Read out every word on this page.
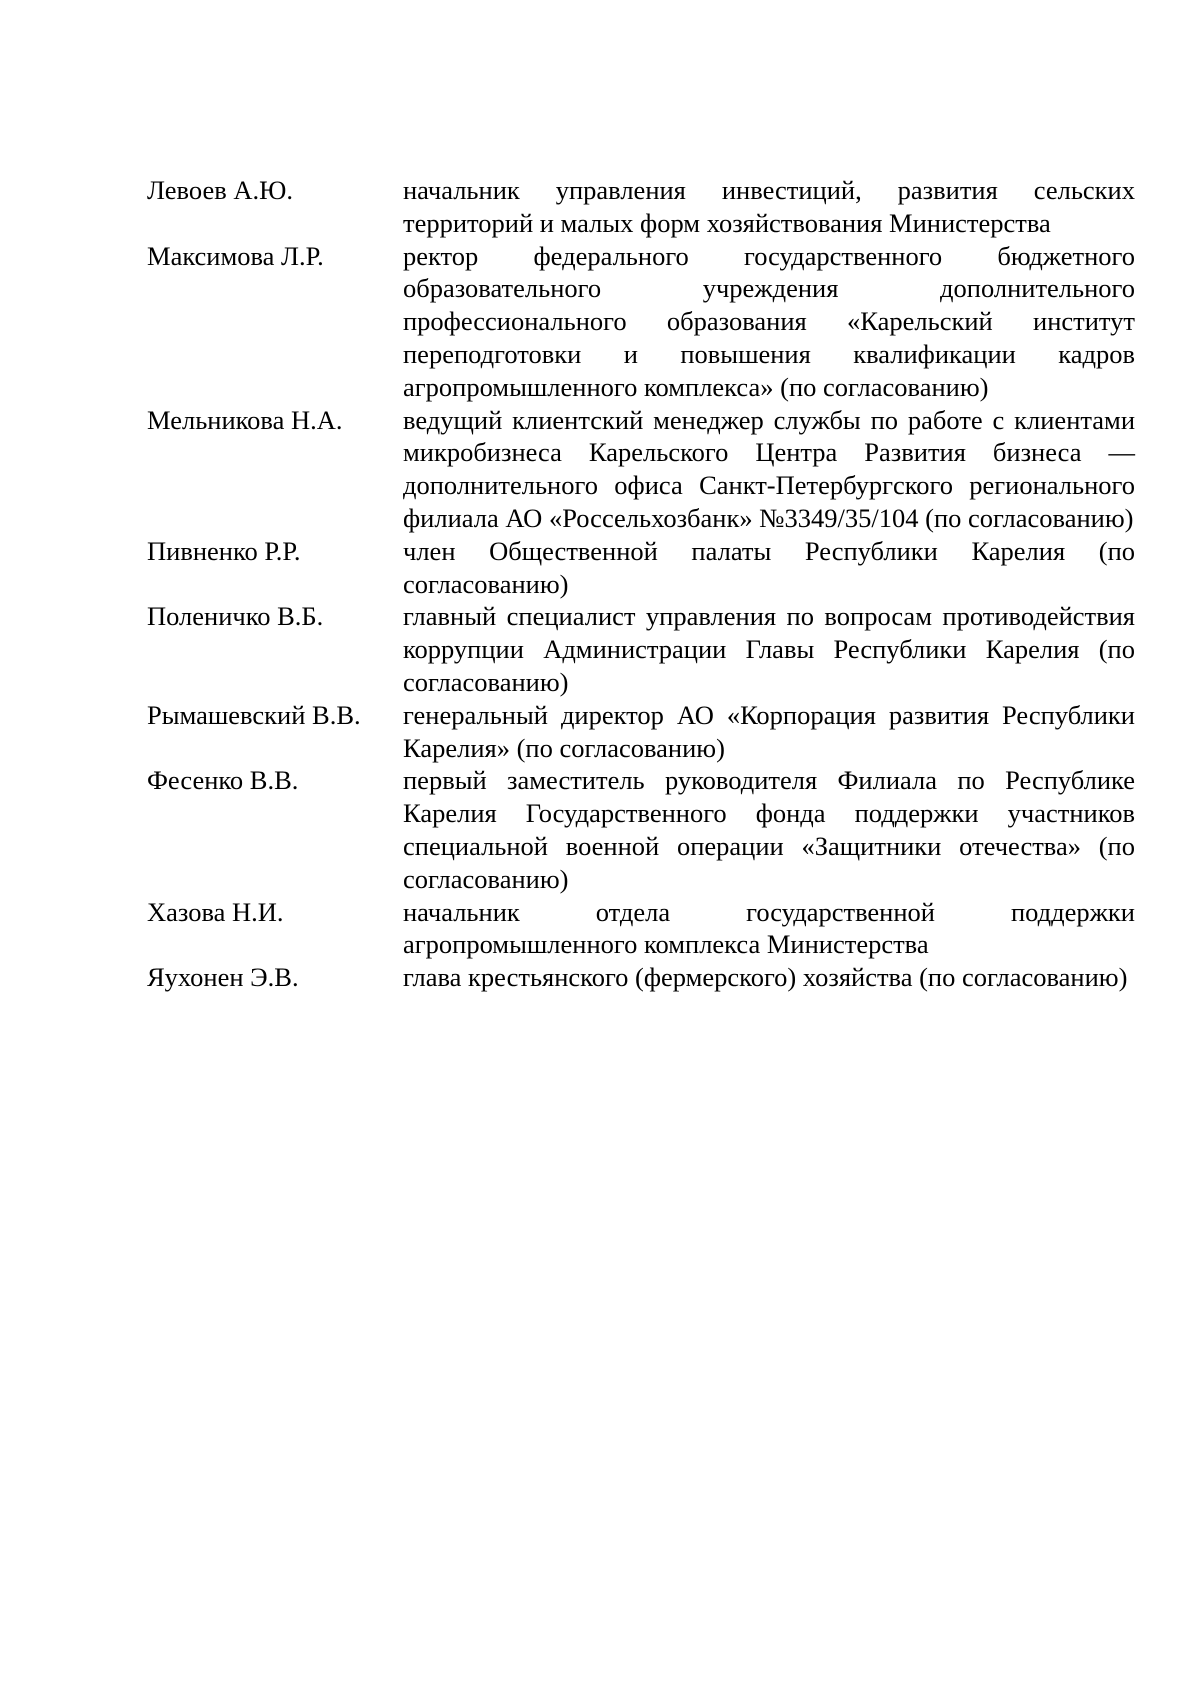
Левоев А.Ю.	начальник управления инвестиций, развития сельских территорий и малых форм хозяйствования Министерства
Максимова Л.Р.	ректор федерального государственного бюджетного образовательного учреждения дополнительного профессионального образования «Карельский институт переподготовки и повышения квалификации кадров агропромышленного комплекса» (по согласованию)
Мельникова Н.А.	ведущий клиентский менеджер службы по работе с клиентами микробизнеса Карельского Центра Развития бизнеса — дополнительного офиса Санкт-Петербургского регионального филиала АО «Россельхозбанк» №3349/35/104 (по согласованию)
Пивненко Р.Р.	член Общественной палаты Республики Карелия (по согласованию)
Поленичко В.Б.	главный специалист управления по вопросам противодействия коррупции Администрации Главы Республики Карелия (по согласованию)
Рымашевский В.В.	генеральный директор АО «Корпорация развития Республики Карелия» (по согласованию)
Фесенко В.В.	первый заместитель руководителя Филиала по Республике Карелия Государственного фонда поддержки участников специальной военной операции «Защитники отечества» (по согласованию)
Хазова Н.И.	начальник отдела государственной поддержки агропромышленного комплекса Министерства
Яухонен Э.В.	глава крестьянского (фермерского) хозяйства (по согласованию)
